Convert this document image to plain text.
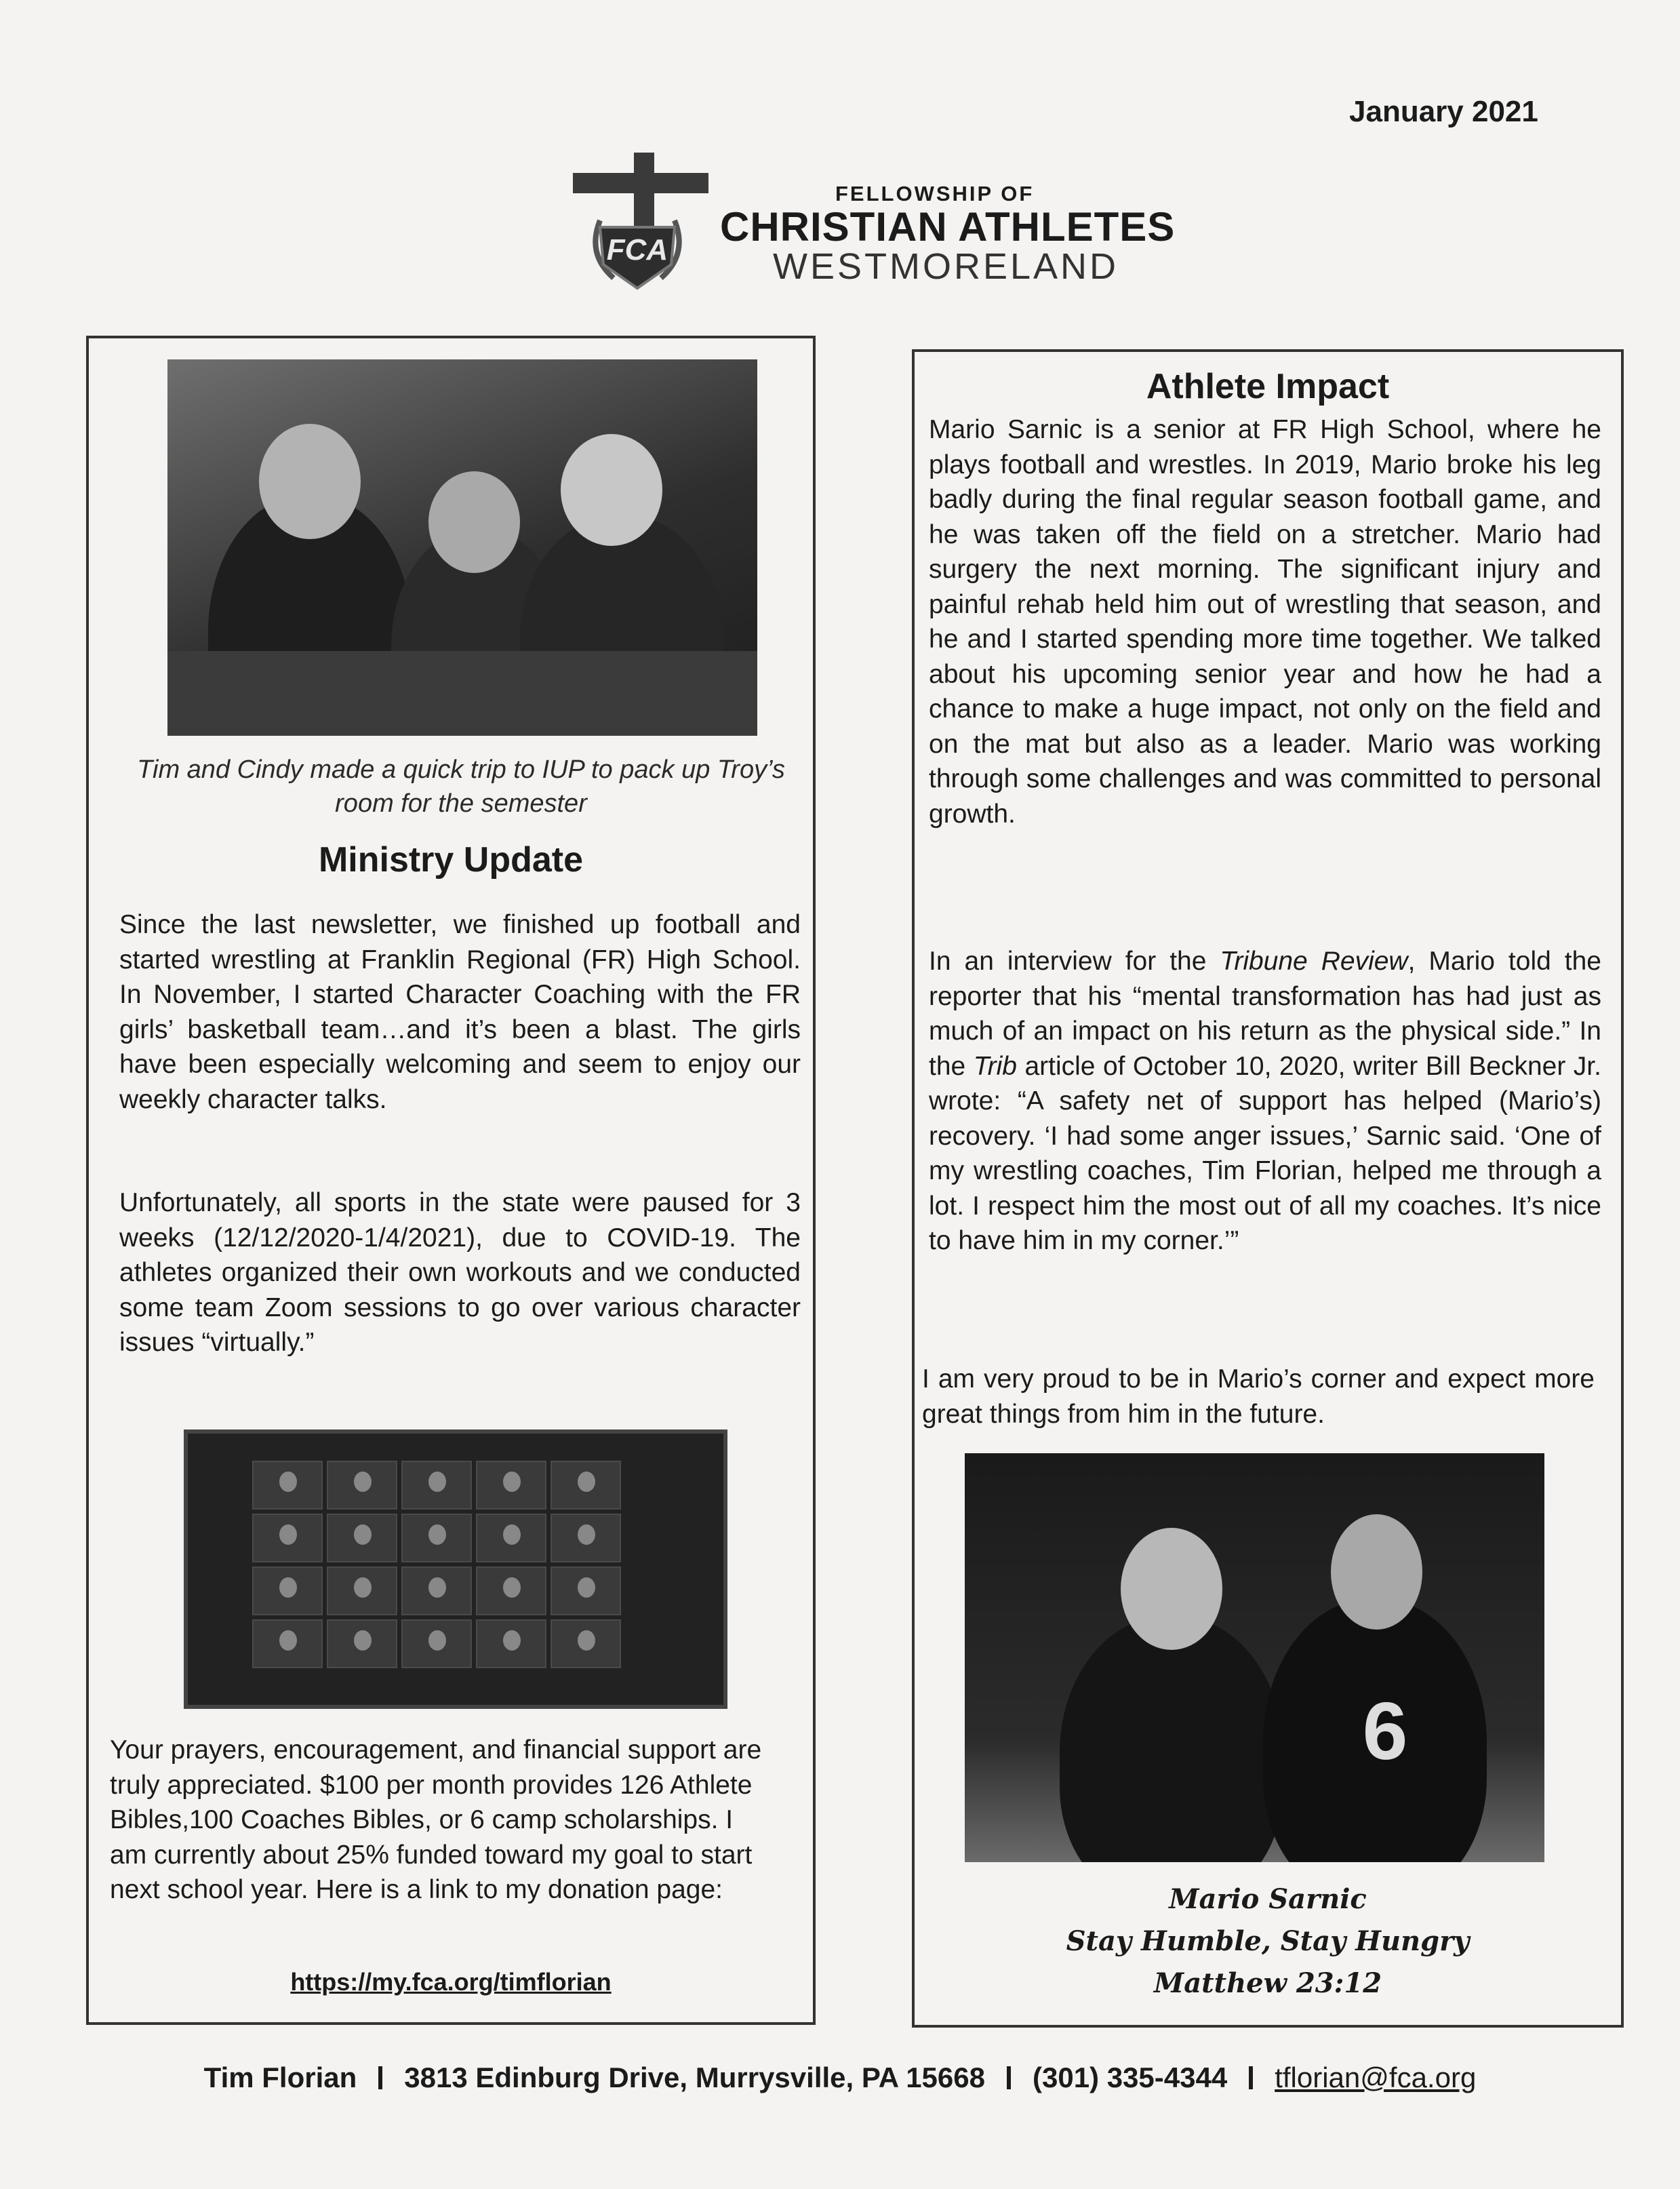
January 2021
FCA
FELLOWSHIP OF
CHRISTIAN ATHLETES
WESTMORELAND
Tim and Cindy made a quick trip to IUP to pack up Troy’s room for the semester
Ministry Update
Since the last newsletter, we finished up football and started wrestling at Franklin Regional (FR) High School. In November, I started Character Coaching with the FR girls’ basketball team…and it’s been a blast. The girls have been especially welcoming and seem to enjoy our weekly character talks.
Unfortunately, all sports in the state were paused for 3 weeks (12/12/2020-1/4/2021), due to COVID-19. The athletes organized their own workouts and we conducted some team Zoom sessions to go over various character issues “virtually.”
Your prayers, encouragement, and financial support are truly appreciated. $100 per month provides 126 Athlete Bibles,100 Coaches Bibles, or 6 camp scholarships. I am currently about 25% funded toward my goal to start next school year. Here is a link to my donation page:
https://my.fca.org/timflorian
Athlete Impact
Mario Sarnic is a senior at FR High School, where he plays football and wrestles. In 2019, Mario broke his leg badly during the final regular season football game, and he was taken off the field on a stretcher. Mario had surgery the next morning. The significant injury and painful rehab held him out of wrestling that season, and he and I started spending more time together. We talked about his upcoming senior year and how he had a chance to make a huge impact, not only on the field and on the mat but also as a leader. Mario was working through some challenges and was committed to personal growth.
In an interview for the Tribune Review, Mario told the reporter that his “mental transformation has had just as much of an impact on his return as the physical side.” In the Trib article of October 10, 2020, writer Bill Beckner Jr. wrote: “A safety net of support has helped (Mario’s) recovery. ‘I had some anger issues,’ Sarnic said. ‘One of my wrestling coaches, Tim Florian, helped me through a lot. I respect him the most out of all my coaches. It’s nice to have him in my corner.’”
I am very proud to be in Mario’s corner and expect more great things from him in the future.
6
Mario Sarnic
Stay Humble, Stay Hungry
Matthew 23:12
Tim Florian 3813 Edinburg Drive, Murrysville, PA 15668 (301) 335-4344 tflorian@fca.org
